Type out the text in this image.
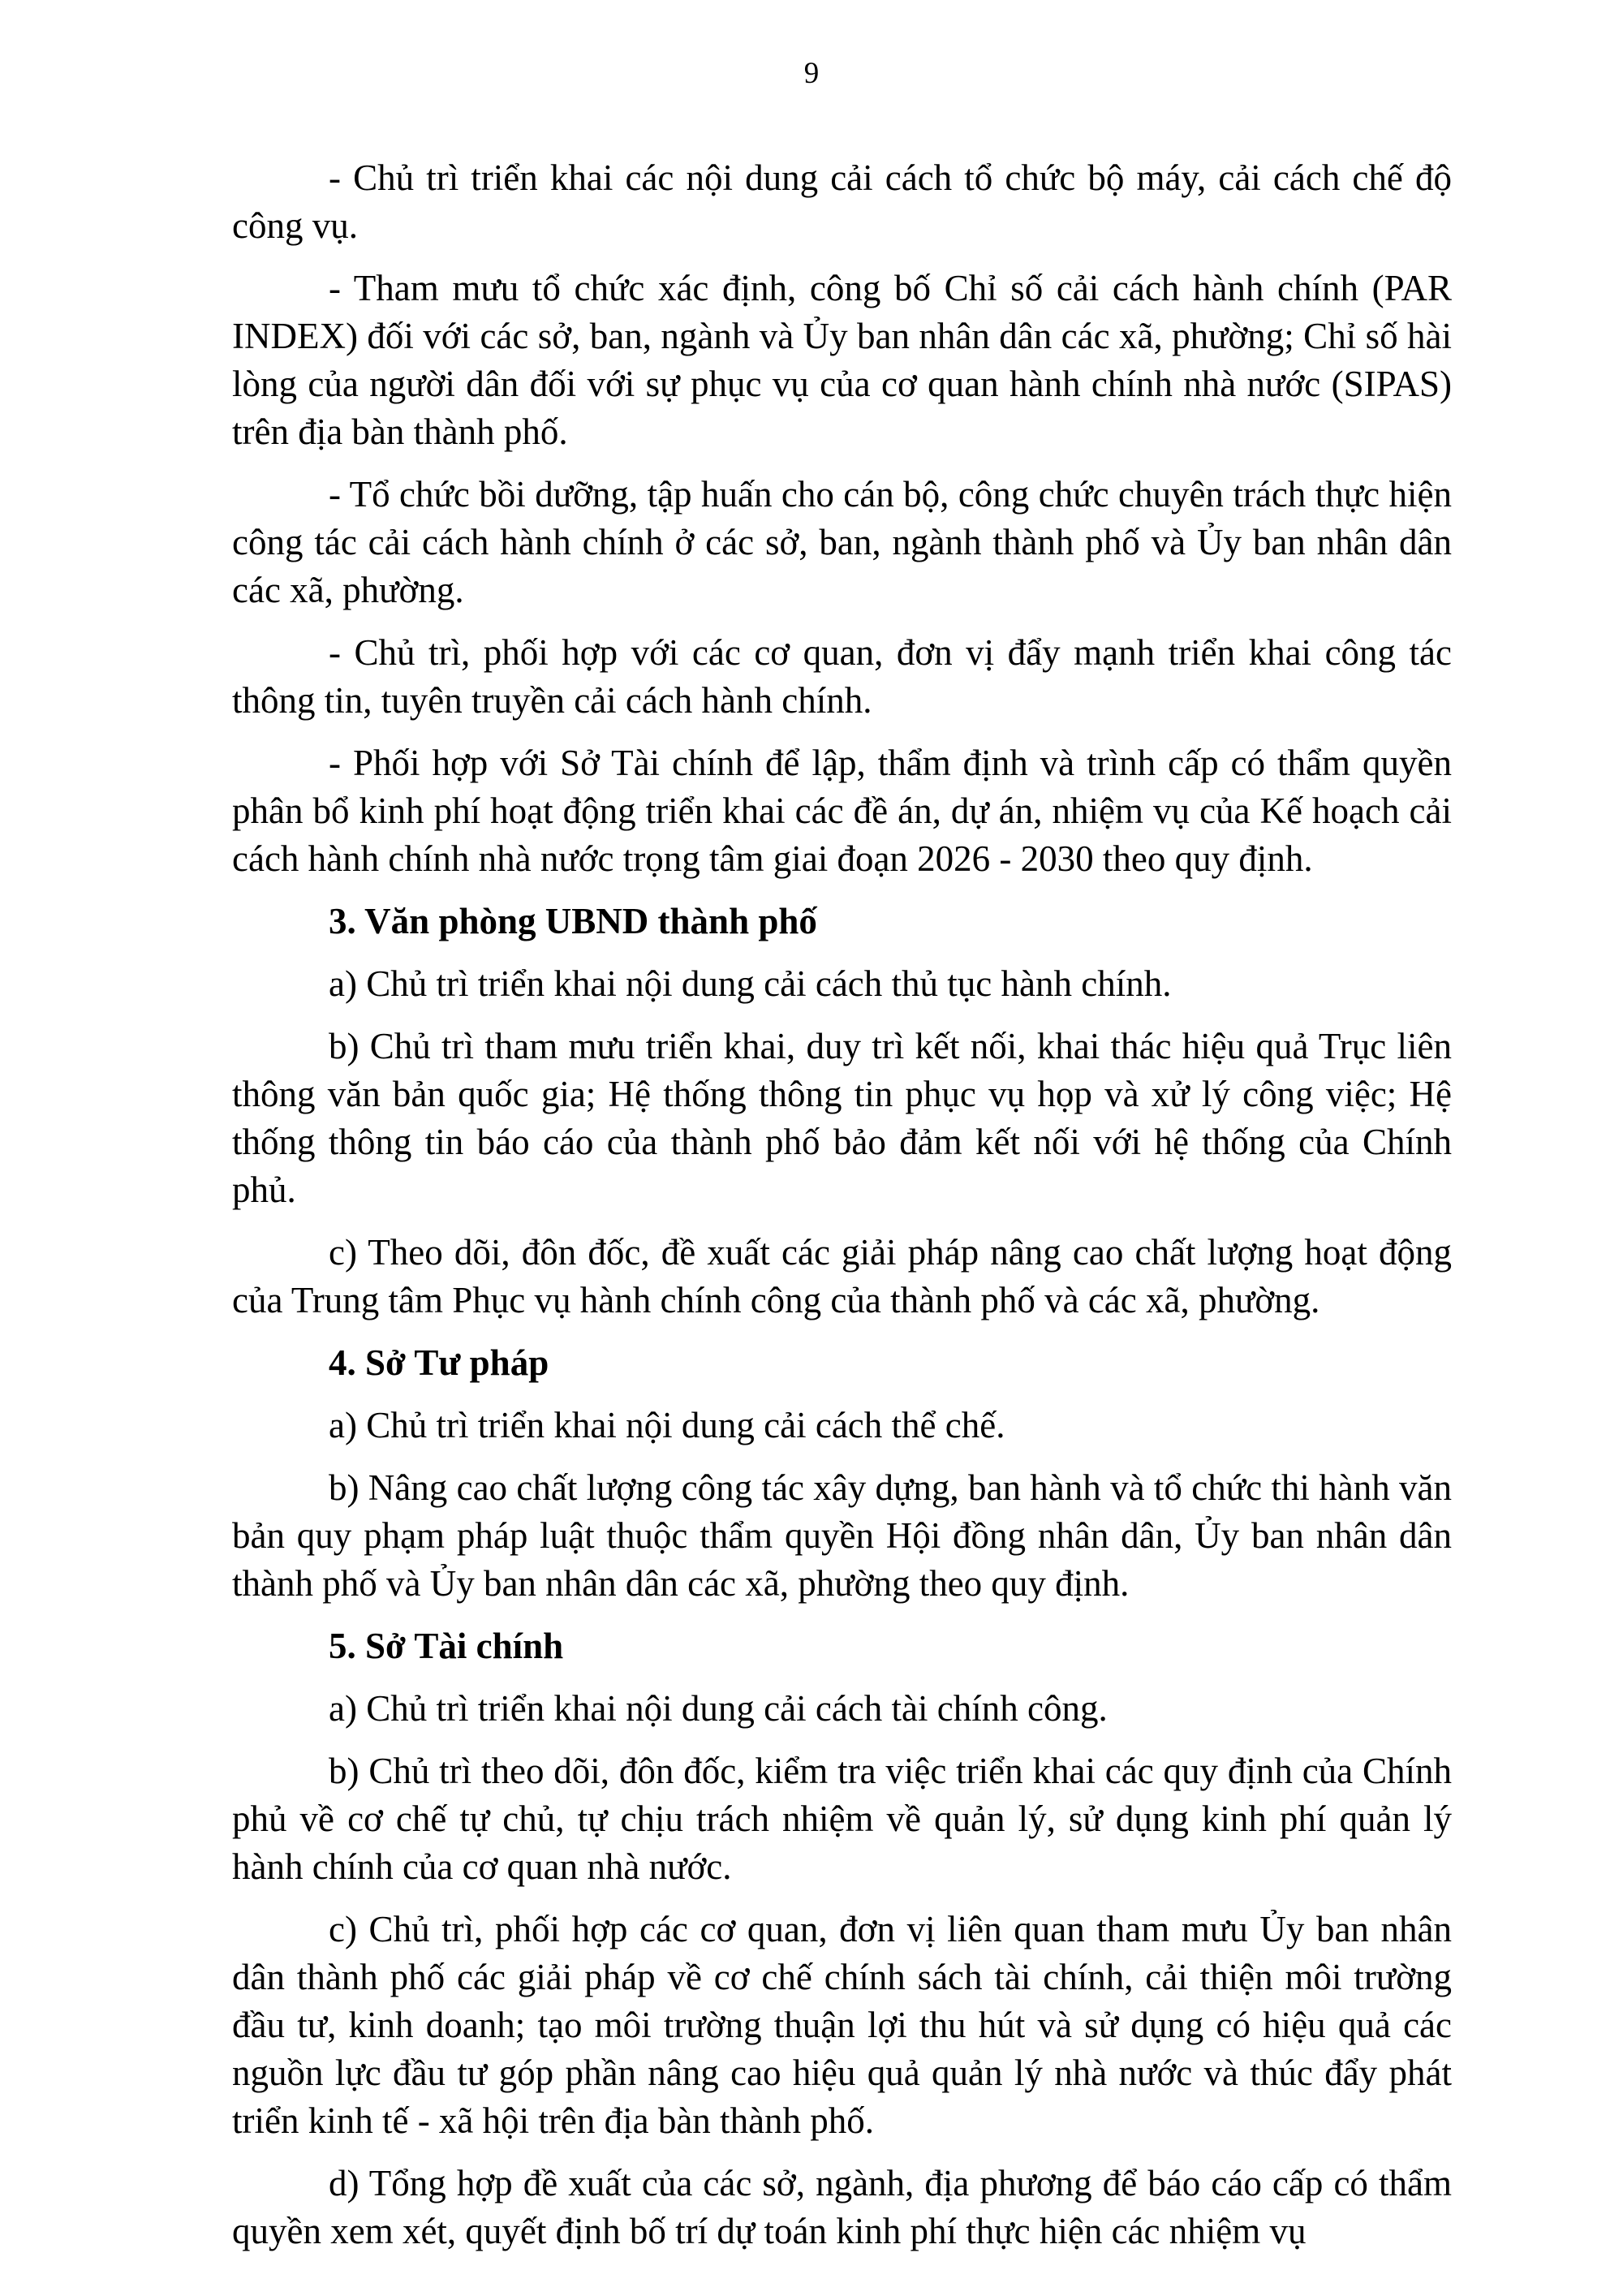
9

- Chủ trì triển khai các nội dung cải cách tổ chức bộ máy, cải cách chế độ công vụ.

- Tham mưu tổ chức xác định, công bố Chỉ số cải cách hành chính (PAR INDEX) đối với các sở, ban, ngành và Ủy ban nhân dân các xã, phường; Chỉ số hài lòng của người dân đối với sự phục vụ của cơ quan hành chính nhà nước (SIPAS) trên địa bàn thành phố.

- Tổ chức bồi dưỡng, tập huấn cho cán bộ, công chức chuyên trách thực hiện công tác cải cách hành chính ở các sở, ban, ngành thành phố và Ủy ban nhân dân các xã, phường.

- Chủ trì, phối hợp với các cơ quan, đơn vị đẩy mạnh triển khai công tác thông tin, tuyên truyền cải cách hành chính.

- Phối hợp với Sở Tài chính để lập, thẩm định và trình cấp có thẩm quyền phân bổ kinh phí hoạt động triển khai các đề án, dự án, nhiệm vụ của Kế hoạch cải cách hành chính nhà nước trọng tâm giai đoạn 2026 - 2030 theo quy định.

3. Văn phòng UBND thành phố

a) Chủ trì triển khai nội dung cải cách thủ tục hành chính.

b) Chủ trì tham mưu triển khai, duy trì kết nối, khai thác hiệu quả Trục liên thông văn bản quốc gia; Hệ thống thông tin phục vụ họp và xử lý công việc; Hệ thống thông tin báo cáo của thành phố bảo đảm kết nối với hệ thống của Chính phủ.

c) Theo dõi, đôn đốc, đề xuất các giải pháp nâng cao chất lượng hoạt động của Trung tâm Phục vụ hành chính công của thành phố và các xã, phường.

4. Sở Tư pháp

a) Chủ trì triển khai nội dung cải cách thể chế.

b) Nâng cao chất lượng công tác xây dựng, ban hành và tổ chức thi hành văn bản quy phạm pháp luật thuộc thẩm quyền Hội đồng nhân dân, Ủy ban nhân dân thành phố và Ủy ban nhân dân các xã, phường theo quy định.

5. Sở Tài chính

a) Chủ trì triển khai nội dung cải cách tài chính công.

b) Chủ trì theo dõi, đôn đốc, kiểm tra việc triển khai các quy định của Chính phủ về cơ chế tự chủ, tự chịu trách nhiệm về quản lý, sử dụng kinh phí quản lý hành chính của cơ quan nhà nước.

c) Chủ trì, phối hợp các cơ quan, đơn vị liên quan tham mưu Ủy ban nhân dân thành phố các giải pháp về cơ chế chính sách tài chính, cải thiện môi trường đầu tư, kinh doanh; tạo môi trường thuận lợi thu hút và sử dụng có hiệu quả các nguồn lực đầu tư góp phần nâng cao hiệu quả quản lý nhà nước và thúc đẩy phát triển kinh tế - xã hội trên địa bàn thành phố.

d) Tổng hợp đề xuất của các sở, ngành, địa phương để báo cáo cấp có thẩm quyền xem xét, quyết định bố trí dự toán kinh phí thực hiện các nhiệm vụ
